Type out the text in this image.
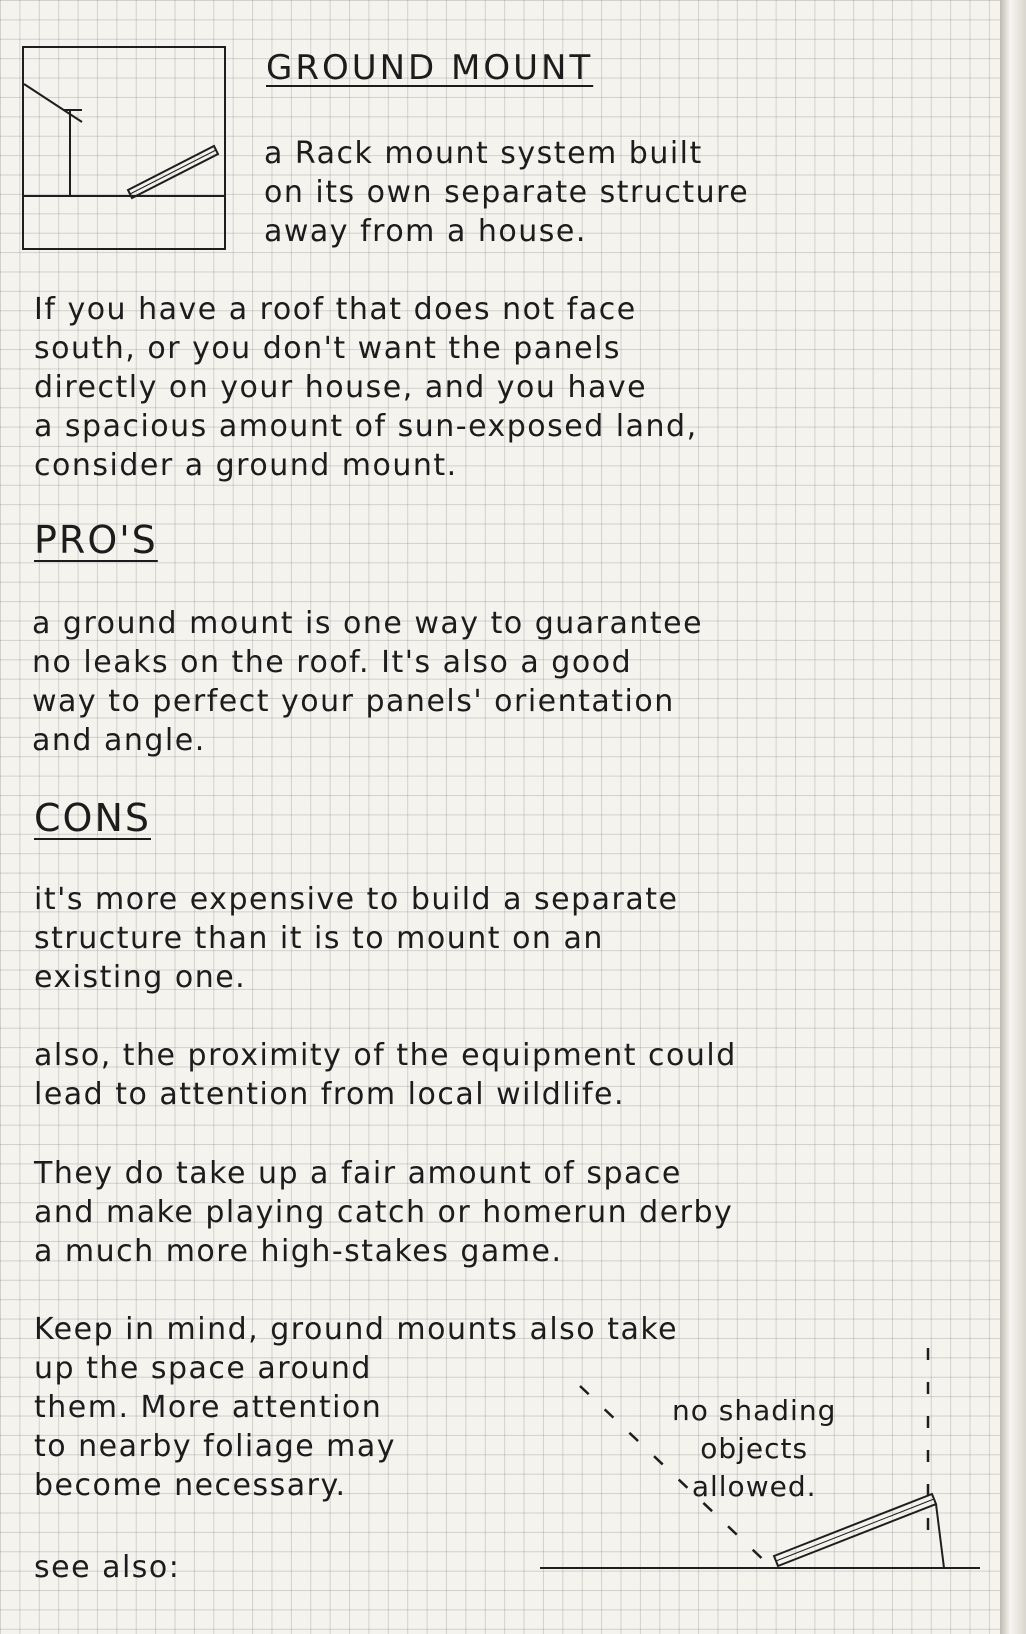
GROUND MOUNT

a Rack mount system built
on its own separate structure
away from a house.

If you have a roof that does not face
south, or you don't want the panels
directly on your house, and you have
a spacious amount of sun-exposed land,
consider a ground mount.

PRO'S

a ground mount is one way to guarantee
no leaks on the roof. It's also a good
way to perfect your panels' orientation
and angle.

CONS

it's more expensive to build a separate
structure than it is to mount on an
existing one.

also, the proximity of the equipment could
lead to attention from local wildlife.

They do take up a fair amount of space
and make playing catch or homerun derby
a much more high-stakes game.

Keep in mind, ground mounts also take
up the space around
them. More attention
to nearby foliage may
become necessary.

no shading
objects
allowed.

see also:
